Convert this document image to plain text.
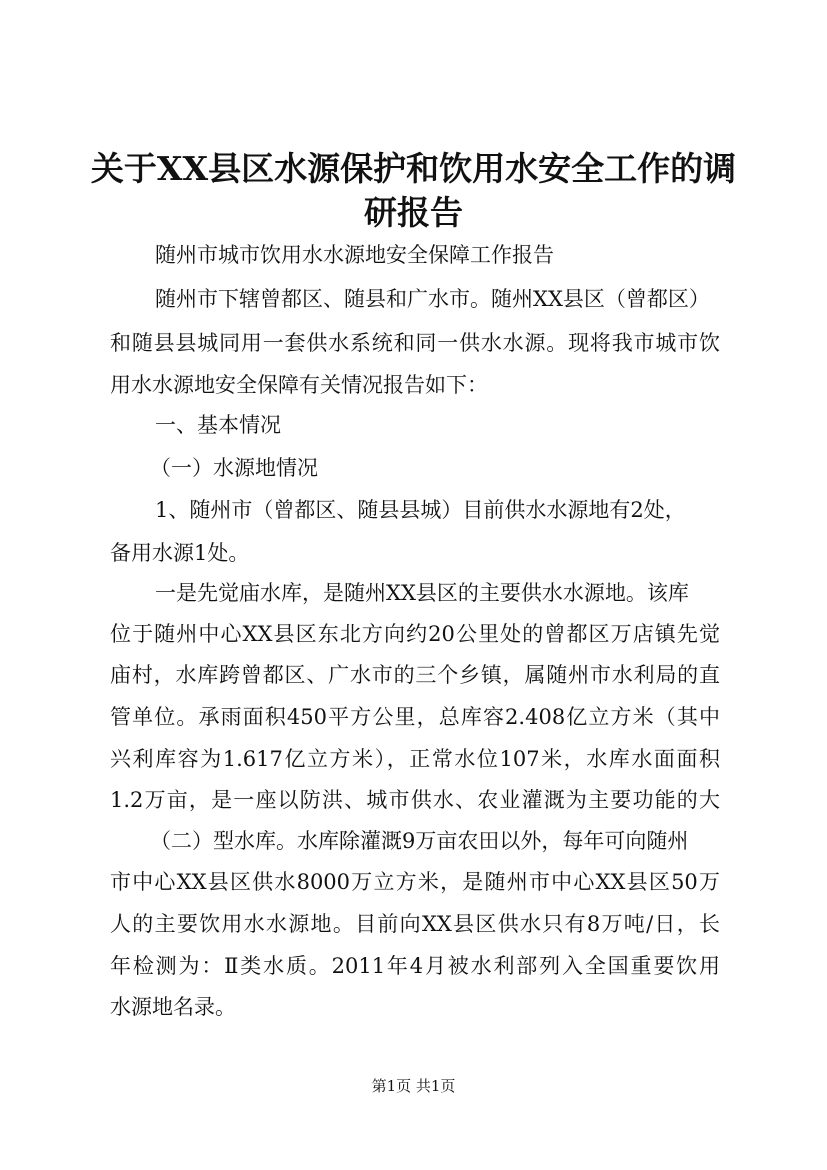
关于XX县区水源保护和饮用水安全工作的调
研报告

随州市城市饮用水水源地安全保障工作报告

随州市下辖曾都区、随县和广水市。随州XX县区（曾都区）

和随县县城同用一套供水系统和同一供水水源。现将我市城市饮

用水水源地安全保障有关情况报告如下：

一、基本情况

（一）水源地情况

1、随州市（曾都区、随县县城）目前供水水源地有2处，

备用水源1处。

一是先觉庙水库，是随州XX县区的主要供水水源地。该库

位于随州中心XX县区东北方向约20公里处的曾都区万店镇先觉

庙村，水库跨曾都区、广水市的三个乡镇，属随州市水利局的直

管单位。承雨面积450平方公里，总库容2.408亿立方米（其中

兴利库容为1.617亿立方米），正常水位107米，水库水面面积

1.2万亩，是一座以防洪、城市供水、农业灌溉为主要功能的大

（二）型水库。水库除灌溉9万亩农田以外，每年可向随州

市中心XX县区供水8000万立方米，是随州市中心XX县区50万

人的主要饮用水水源地。目前向XX县区供水只有8万吨/日，长

年检测为：Ⅱ类水质。2011年4月被水利部列入全国重要饮用

水源地名录。

第1页 共1页
